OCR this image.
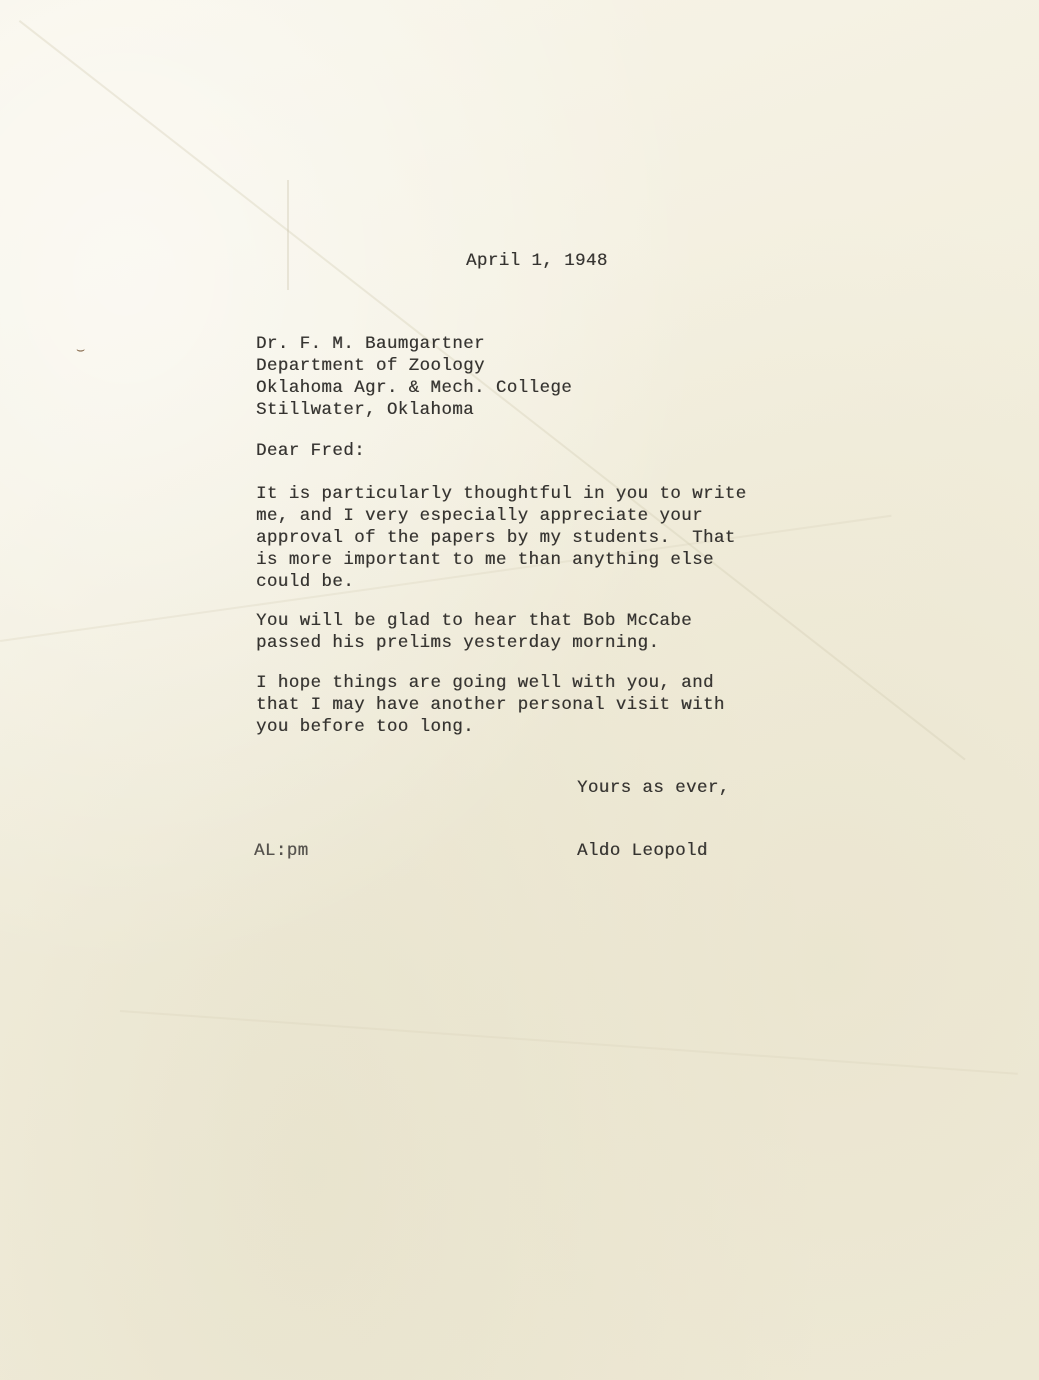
⌣
April 1, 1948
Dr. F. M. Baumgartner
Department of Zoology
Oklahoma Agr. & Mech. College
Stillwater, Oklahoma
Dear Fred:
It is particularly thoughtful in you to write
me, and I very especially appreciate your
approval of the papers by my students.  That
is more important to me than anything else
could be.
You will be glad to hear that Bob McCabe
passed his prelims yesterday morning.
I hope things are going well with you, and
that I may have another personal visit with
you before too long.
Yours as ever,
AL:pm	Aldo Leopold
